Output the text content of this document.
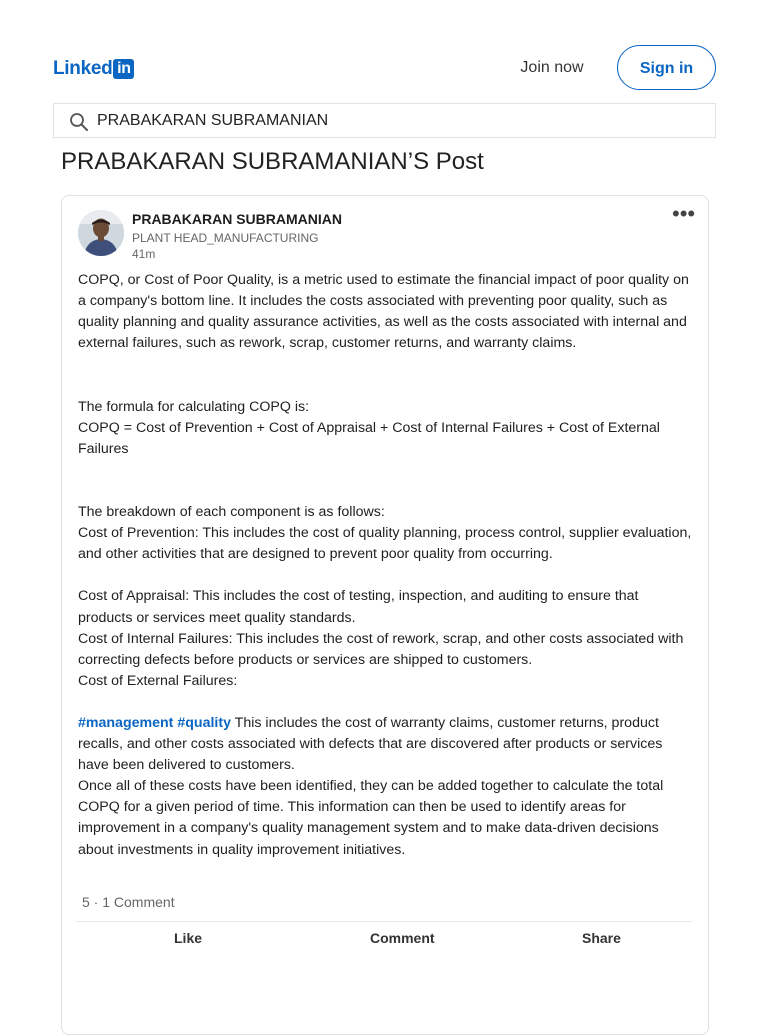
Linked in	Join now	Sign in
PRABAKARAN SUBRAMANIAN
PRABAKARAN SUBRAMANIAN’S Post
PRABAKARAN SUBRAMANIAN
PLANT HEAD_MANUFACTURING
41m
•••

COPQ, or Cost of Poor Quality, is a metric used to estimate the financial impact of poor quality on a company's bottom line. It includes the costs associated with preventing poor quality, such as quality planning and quality assurance activities, as well as the costs associated with internal and external failures, such as rework, scrap, customer returns, and warranty claims.

The formula for calculating COPQ is:

COPQ = Cost of Prevention + Cost of Appraisal + Cost of Internal Failures + Cost of External Failures

The breakdown of each component is as follows:

Cost of Prevention: This includes the cost of quality planning, process control, supplier evaluation, and other activities that are designed to prevent poor quality from occurring.

Cost of Appraisal: This includes the cost of testing, inspection, and auditing to ensure that products or services meet quality standards.

Cost of Internal Failures: This includes the cost of rework, scrap, and other costs associated with correcting defects before products or services are shipped to customers.

Cost of External Failures:

#management #quality This includes the cost of warranty claims, customer returns, product recalls, and other costs associated with defects that are discovered after products or services have been delivered to customers.

Once all of these costs have been identified, they can be added together to calculate the total COPQ for a given period of time. This information can then be used to identify areas for improvement in a company's quality management system and to make data-driven decisions about investments in quality improvement initiatives.

5 · 1 Comment
Like	Comment	Share
